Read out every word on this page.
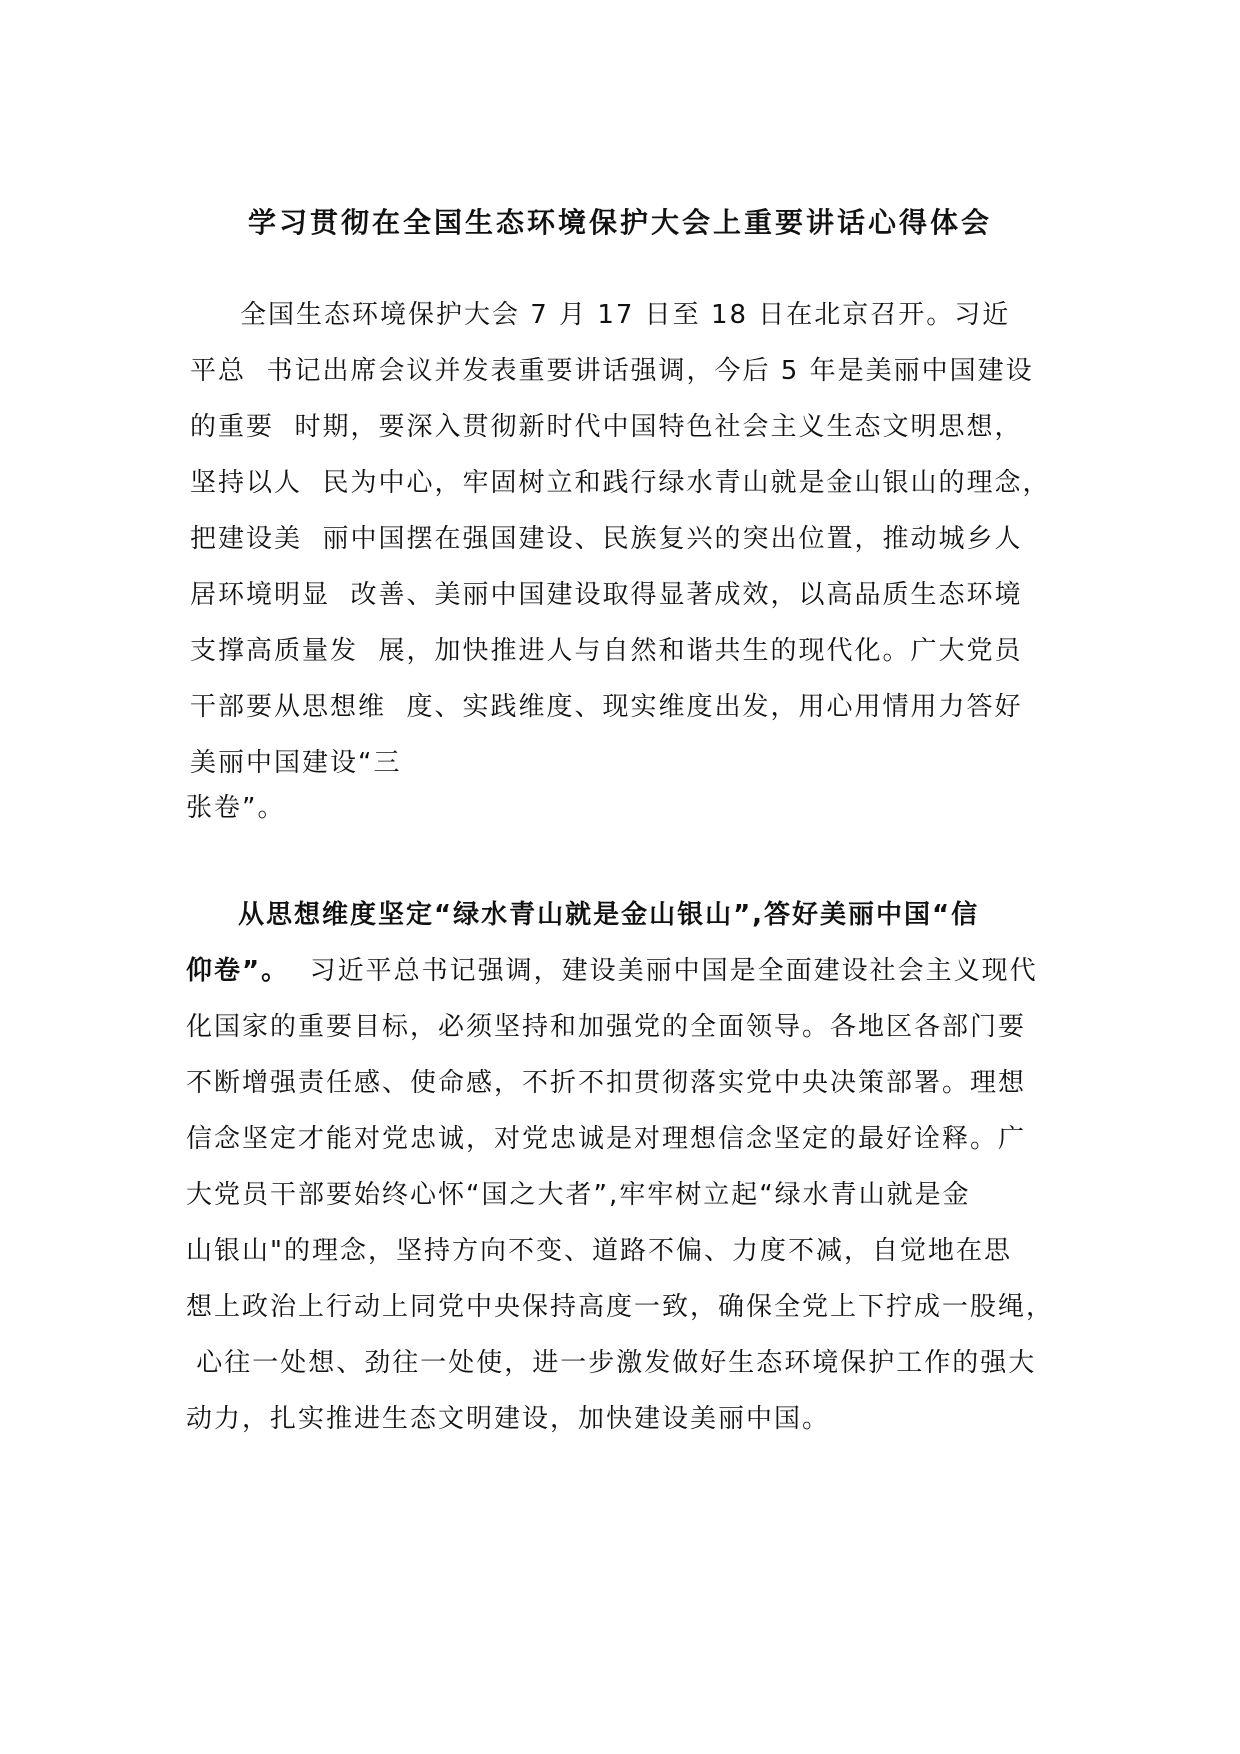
学习贯彻在全国生态环境保护大会上重要讲话心得体会
全国生态环境保护大会 7 月 17 日至 18 日在北京召开。习近
平总  书记出席会议并发表重要讲话强调，今后 5 年是美丽中国建设
的重要  时期，要深入贯彻新时代中国特色社会主义生态文明思想，
坚持以人  民为中心，牢固树立和践行绿水青山就是金山银山的理念，
把建设美  丽中国摆在强国建设、民族复兴的突出位置，推动城乡人
居环境明显  改善、美丽中国建设取得显著成效，以高品质生态环境
支撑高质量发  展，加快推进人与自然和谐共生的现代化。广大党员
干部要从思想维  度、实践维度、现实维度出发，用心用情用力答好
美丽中国建设“三
张卷”。
从思想维度坚定“绿水青山就是金山银山”,答好美丽中国“信
仰卷”。  习近平总书记强调，建设美丽中国是全面建设社会主义现代
化国家的重要目标，必须坚持和加强党的全面领导。各地区各部门要
不断增强责任感、使命感，不折不扣贯彻落实党中央决策部署。理想
信念坚定才能对党忠诚，对党忠诚是对理想信念坚定的最好诠释。广
大党员干部要始终心怀“国之大者”,牢牢树立起“绿水青山就是金
山银山"的理念，坚持方向不变、道路不偏、力度不减，自觉地在思
想上政治上行动上同党中央保持高度一致，确保全党上下拧成一股绳，
心往一处想、劲往一处使，进一步激发做好生态环境保护工作的强大
动力，扎实推进生态文明建设，加快建设美丽中国。
